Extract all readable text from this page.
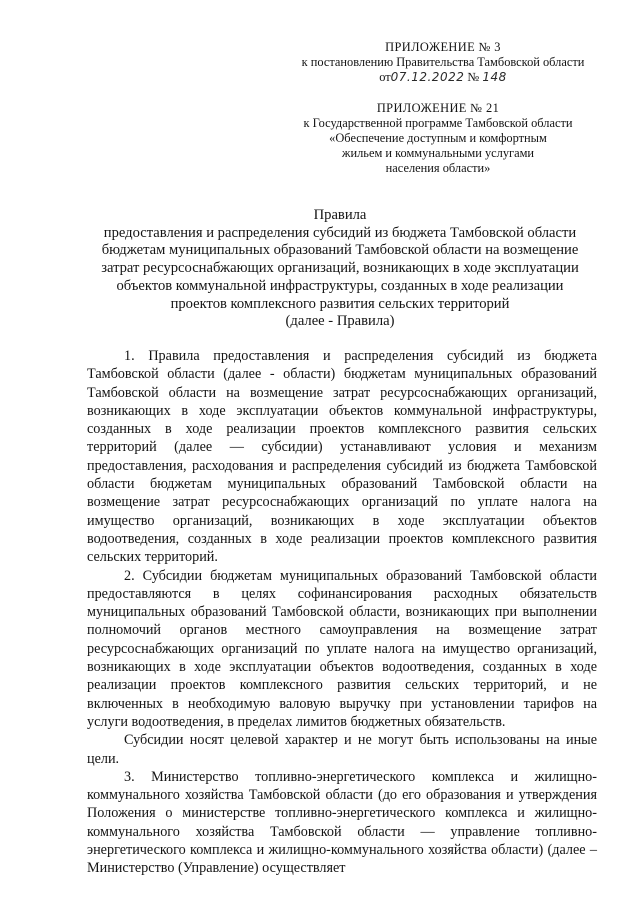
ПРИЛОЖЕНИЕ № 3
к постановлению Правительства Тамбовской области
от07.12.2022 № 148
ПРИЛОЖЕНИЕ № 21
к Государственной программе Тамбовской области
«Обеспечение доступным и комфортным
жильем и коммунальными услугами
населения области»
Правила
предоставления и распределения субсидий из бюджета Тамбовской области
бюджетам муниципальных образований Тамбовской области на возмещение
затрат ресурсоснабжающих организаций, возникающих в ходе эксплуатации
объектов коммунальной инфраструктуры, созданных в ходе реализации
проектов комплексного развития сельских территорий
(далее - Правила)

1. Правила предоставления и распределения субсидий из бюджета Тамбовской области (далее - области) бюджетам муниципальных образований Тамбовской области на возмещение затрат ресурсоснабжающих организаций, возникающих в ходе эксплуатации объектов коммунальной инфраструктуры, созданных в ходе реализации проектов комплексного развития сельских территорий (далее — субсидии) устанавливают условия и механизм предоставления, расходования и распределения субсидий из бюджета Тамбовской области бюджетам муниципальных образований Тамбовской области на возмещение затрат ресурсоснабжающих организаций по уплате налога на имущество организаций, возникающих в ходе эксплуатации объектов водоотведения, созданных в ходе реализации проектов комплексного развития сельских территорий.

2. Субсидии бюджетам муниципальных образований Тамбовской области предоставляются в целях софинансирования расходных обязательств муниципальных образований Тамбовской области, возникающих при выполнении полномочий органов местного самоуправления на возмещение затрат ресурсоснабжающих организаций по уплате налога на имущество организаций, возникающих в ходе эксплуатации объектов водоотведения, созданных в ходе реализации проектов комплексного развития сельских территорий, и не включенных в необходимую валовую выручку при установлении тарифов на услуги водоотведения, в пределах лимитов бюджетных обязательств.

Субсидии носят целевой характер и не могут быть использованы на иные цели.

3. Министерство топливно-энергетического комплекса и жилищно-коммунального хозяйства Тамбовской области (до его образования и утверждения Положения о министерстве топливно-энергетического комплекса и жилищно-коммунального хозяйства Тамбовской области — управление топливно-энергетического комплекса и жилищно-коммунального хозяйства области) (далее – Министерство (Управление) осуществляет
